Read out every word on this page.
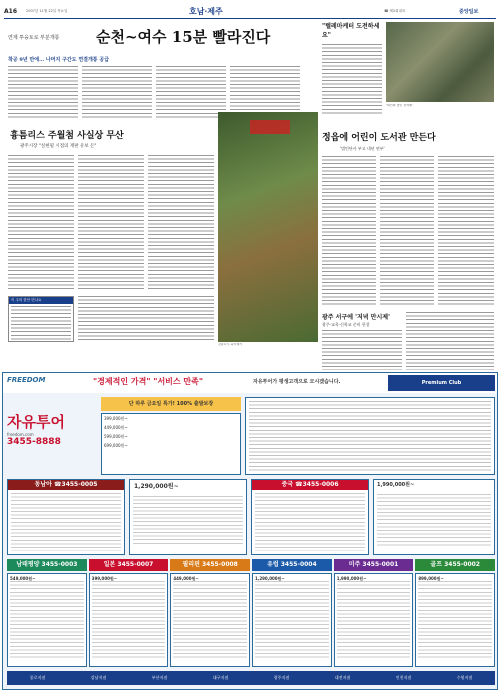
A16	2007년 11월 22일 목요일	호남·제주	☎ 제2회대표	중앙일보
연계 투융토로 부분개통 순천~여수 15분 빨라진다
착공 9년 만에… 나머지 구간도 연결개통 공급
"텔레마케터 도전하세요"
'의인의 점인 전자패'
흉틈리스 주월첨 사실상 무산
광주시장 "실현될 시점의 재판 유보 돈"
정읍에 어린이 도서관 만든다
'법인단사 부고 내년 연부'
이 주의 한안 민나요
감귤나무 육아체기
광주 서구에 '저녁 만시제'
광주·교육·신학교 준비 한창
FREEDOM	"경제적인 가격" "서비스 만족"	자유투어가 평생고객으로 모시겠습니다.	Premium Club
자유투어
freedom.com
3455-8888
단 하루 금요일 특가! 100% 출발보장
399,000원~
449,000원~
599,000원~
699,000원~
동남아 ☎3455-0005	1,290,000원~	중국 ☎3455-0006	1,990,000원~
남태평양 3455-0003	일본 3455-0007	필리핀 3455-0008	유럽 3455-0004	미주 3455-0001	골프 3455-0002
549,000원~	399,000원~	449,000원~	1,290,000원~	1,990,000원~	899,000원~
종로지점	강남지점	부산지점	대구지점	광주지점	대전지점	인천지점	수원지점
